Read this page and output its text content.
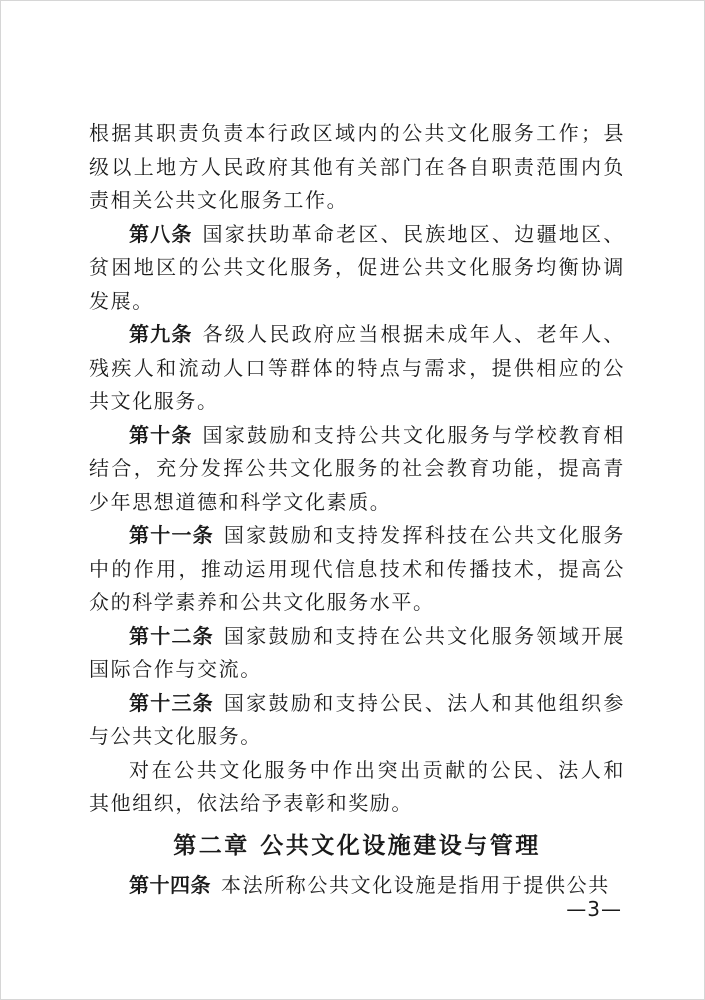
根据其职责负责本行政区域内的公共文化服务工作；县级以上地方人民政府其他有关部门在各自职责范围内负责相关公共文化服务工作。

第八条 国家扶助革命老区、民族地区、边疆地区、贫困地区的公共文化服务，促进公共文化服务均衡协调发展。

第九条 各级人民政府应当根据未成年人、老年人、残疾人和流动人口等群体的特点与需求，提供相应的公共文化服务。

第十条 国家鼓励和支持公共文化服务与学校教育相结合，充分发挥公共文化服务的社会教育功能，提高青少年思想道德和科学文化素质。

第十一条 国家鼓励和支持发挥科技在公共文化服务中的作用，推动运用现代信息技术和传播技术，提高公众的科学素养和公共文化服务水平。

第十二条 国家鼓励和支持在公共文化服务领域开展国际合作与交流。

第十三条 国家鼓励和支持公民、法人和其他组织参与公共文化服务。

对在公共文化服务中作出突出贡献的公民、法人和其他组织，依法给予表彰和奖励。

第二章 公共文化设施建设与管理

第十四条 本法所称公共文化设施是指用于提供公共

—3—
